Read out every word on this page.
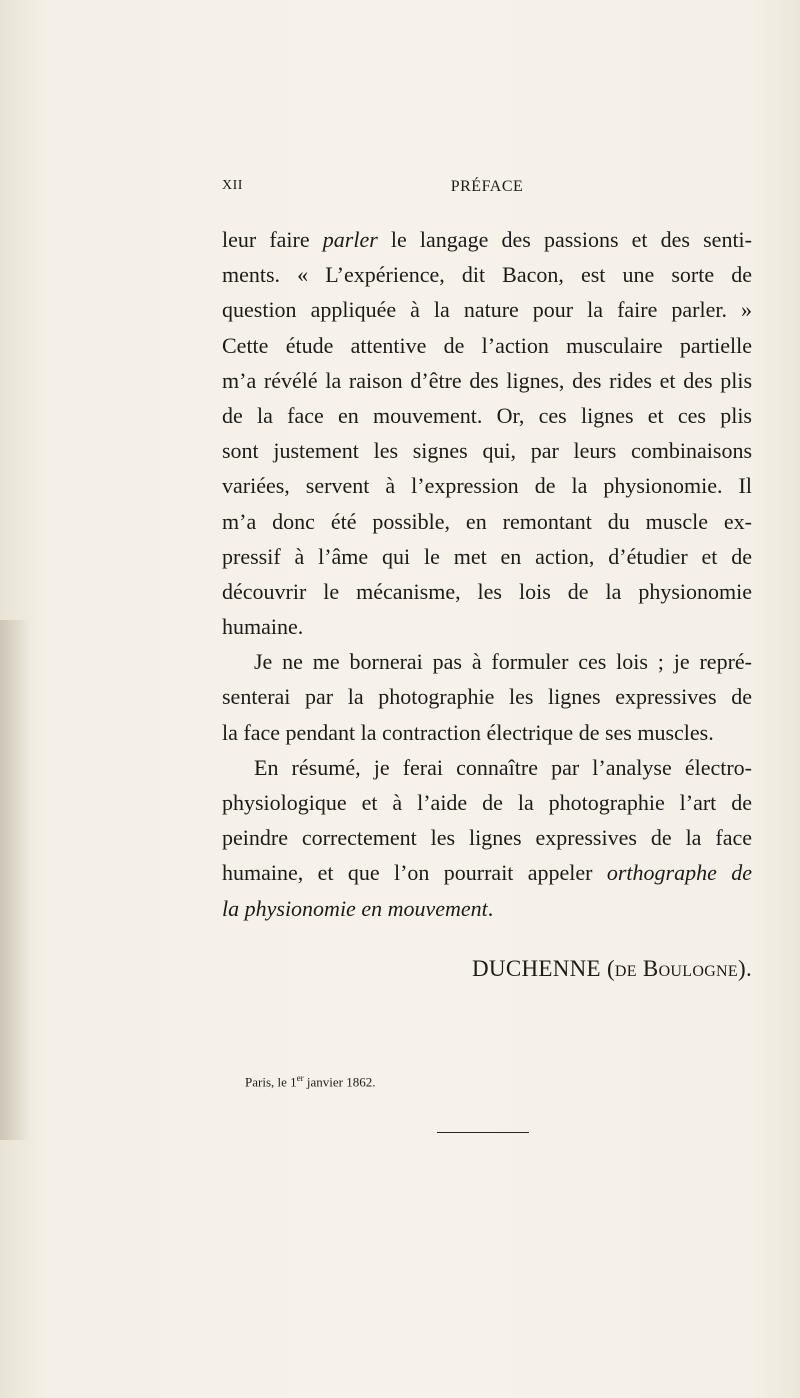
XII	PRÉFACE
leur faire parler le langage des passions et des senti-
ments. « L’expérience, dit Bacon, est une sorte de
question appliquée à la nature pour la faire parler. »
Cette étude attentive de l’action musculaire partielle
m’a révélé la raison d’être des lignes, des rides et des plis
de la face en mouvement. Or, ces lignes et ces plis
sont justement les signes qui, par leurs combinaisons
variées, servent à l’expression de la physionomie. Il
m’a donc été possible, en remontant du muscle ex-
pressif à l’âme qui le met en action, d’étudier et de
découvrir le mécanisme, les lois de la physionomie
humaine.
Je ne me bornerai pas à formuler ces lois ; je repré-
senterai par la photographie les lignes expressives de
la face pendant la contraction électrique de ses muscles.
En résumé, je ferai connaître par l’analyse électro-
physiologique et à l’aide de la photographie l’art de
peindre correctement les lignes expressives de la face
humaine, et que l’on pourrait appeler orthographe de
la physionomie en mouvement.
DUCHENNE (de Boulogne).
Paris, le 1er janvier 1862.
